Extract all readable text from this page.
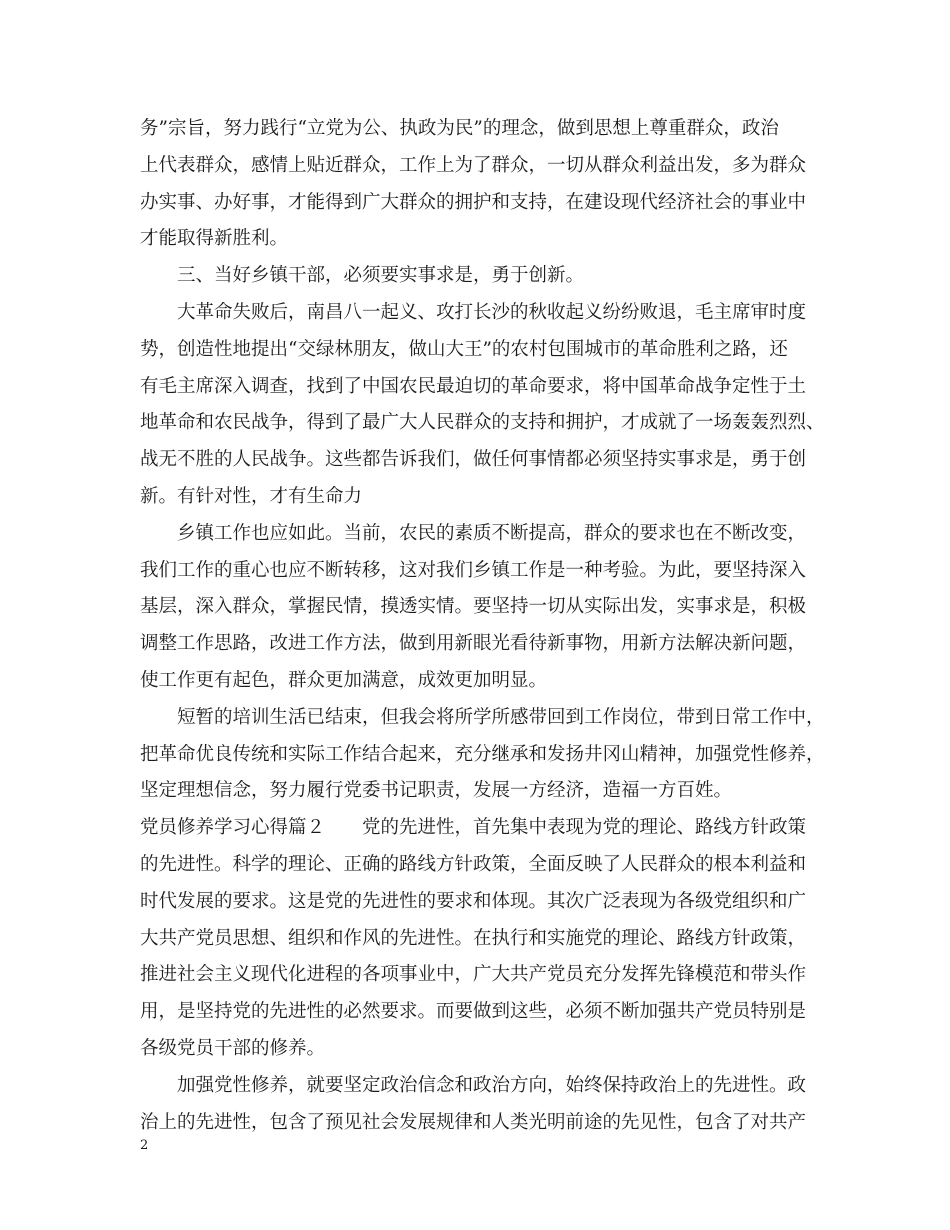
务”宗旨，努力践行“立党为公、执政为民”的理念，做到思想上尊重群众，政治
上代表群众，感情上贴近群众，工作上为了群众，一切从群众利益出发，多为群众
办实事、办好事，才能得到广大群众的拥护和支持，在建设现代经济社会的事业中
才能取得新胜利。
　　三、当好乡镇干部，必须要实事求是，勇于创新。
　　大革命失败后，南昌八一起义、攻打长沙的秋收起义纷纷败退，毛主席审时度
势，创造性地提出“交绿林朋友，做山大王”的农村包围城市的革命胜利之路，还
有毛主席深入调查，找到了中国农民最迫切的革命要求，将中国革命战争定性于土
地革命和农民战争，得到了最广大人民群众的支持和拥护，才成就了一场轰轰烈烈、
战无不胜的人民战争。这些都告诉我们，做任何事情都必须坚持实事求是，勇于创
新。有针对性，才有生命力
　　乡镇工作也应如此。当前，农民的素质不断提高，群众的要求也在不断改变，
我们工作的重心也应不断转移，这对我们乡镇工作是一种考验。为此，要坚持深入
基层，深入群众，掌握民情，摸透实情。要坚持一切从实际出发，实事求是，积极
调整工作思路，改进工作方法，做到用新眼光看待新事物，用新方法解决新问题，
使工作更有起色，群众更加满意，成效更加明显。
　　短暂的培训生活已结束，但我会将所学所感带回到工作岗位，带到日常工作中，
把革命优良传统和实际工作结合起来，充分继承和发扬井冈山精神，加强党性修养，
坚定理想信念，努力履行党委书记职责，发展一方经济，造福一方百姓。
党员修养学习心得篇２　　党的先进性，首先集中表现为党的理论、路线方针政策
的先进性。科学的理论、正确的路线方针政策，全面反映了人民群众的根本利益和
时代发展的要求。这是党的先进性的要求和体现。其次广泛表现为各级党组织和广
大共产党员思想、组织和作风的先进性。在执行和实施党的理论、路线方针政策，
推进社会主义现代化进程的各项事业中，广大共产党员充分发挥先锋模范和带头作
用，是坚持党的先进性的必然要求。而要做到这些，必须不断加强共产党员特别是
各级党员干部的修养。
　　加强党性修养，就要坚定政治信念和政治方向，始终保持政治上的先进性。政
治上的先进性，包含了预见社会发展规律和人类光明前途的先见性，包含了对共产
2
